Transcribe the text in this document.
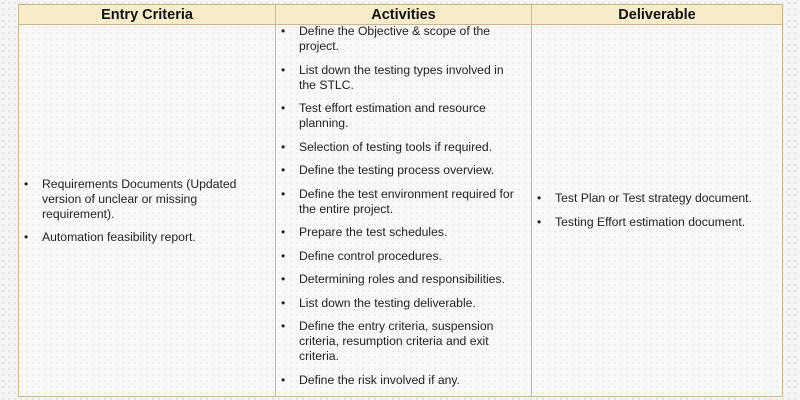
Entry Criteria	Activities	Deliverable
• Requirements Documents (Updated version of unclear or missing requirement).
• Automation feasibility report.
• Define the Objective & scope of the project.
• List down the testing types involved in the STLC.
• Test effort estimation and resource planning.
• Selection of testing tools if required.
• Define the testing process overview.
• Define the test environment required for the entire project.
• Prepare the test schedules.
• Define control procedures.
• Determining roles and responsibilities.
• List down the testing deliverable.
• Define the entry criteria, suspension criteria, resumption criteria and exit criteria.
• Define the risk involved if any.
• Test Plan or Test strategy document.
• Testing Effort estimation document.
